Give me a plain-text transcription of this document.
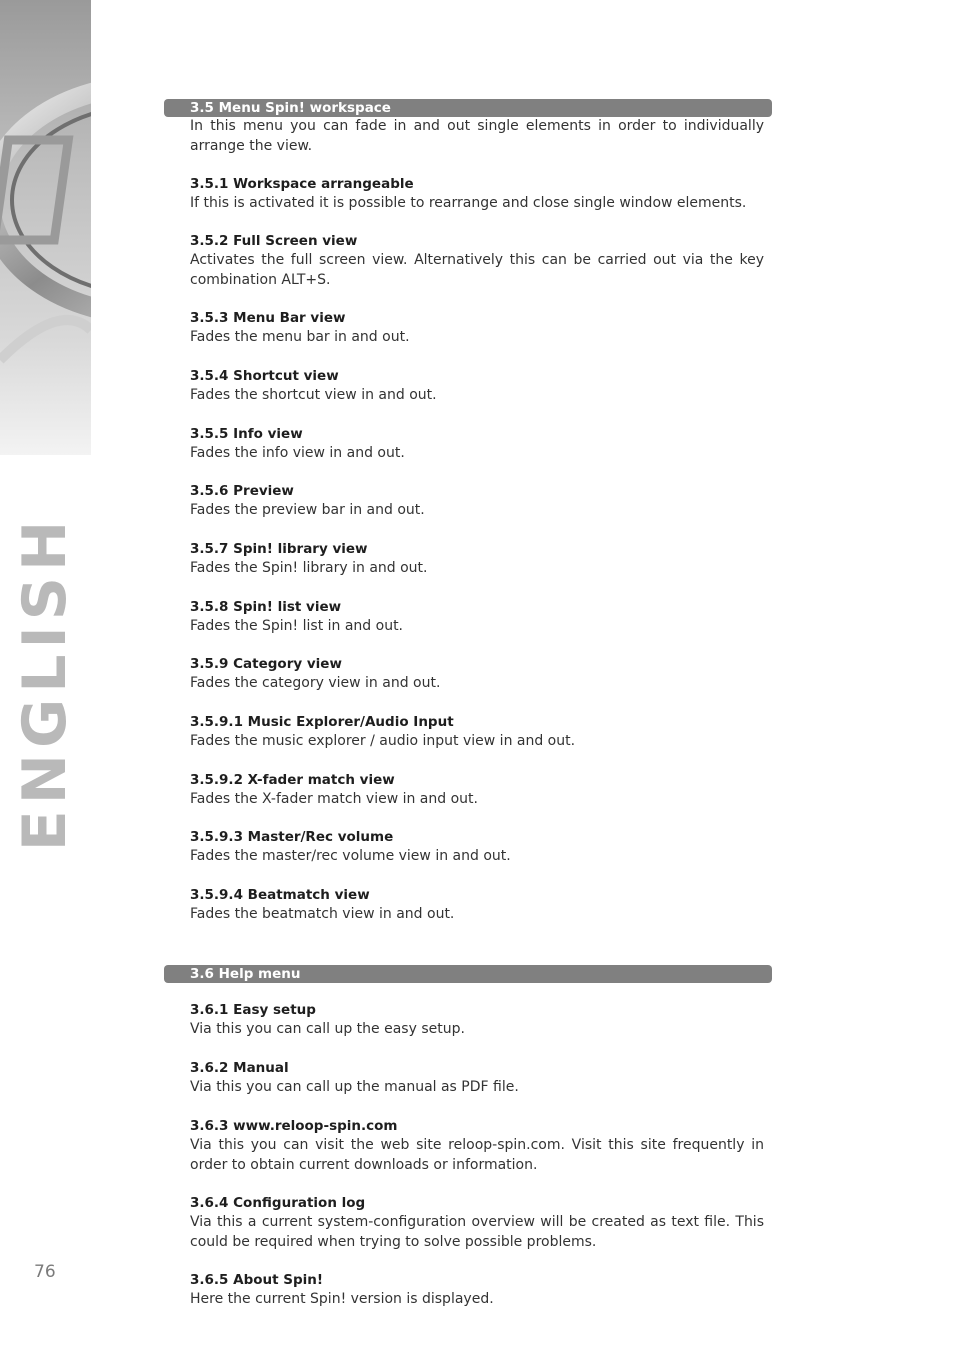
ENGLISH
76
3.5 Menu Spin! workspace
In this menu you can fade in and out single elements in order to individually arrange the view.
3.5.1 Workspace arrangeable
If this is activated it is possible to rearrange and close single window elements.
3.5.2 Full Screen view
Activates the full screen view. Alternatively this can be carried out via the key combination ALT+S.
3.5.3 Menu Bar view
Fades the menu bar in and out.
3.5.4 Shortcut view
Fades the shortcut view in and out.
3.5.5 Info view
Fades the info view in and out.
3.5.6 Preview
Fades the preview bar in and out.
3.5.7 Spin! library view
Fades the Spin! library in and out.
3.5.8 Spin! list view
Fades the Spin! list in and out.
3.5.9 Category view
Fades the category view in and out.
3.5.9.1 Music Explorer/Audio Input
Fades the music explorer / audio input view in and out.
3.5.9.2 X-fader match view
Fades the X-fader match view in and out.
3.5.9.3 Master/Rec volume
Fades the master/rec volume view in and out.
3.5.9.4 Beatmatch view
Fades the beatmatch view in and out.
3.6 Help menu
3.6.1 Easy setup
Via this you can call up the easy setup.
3.6.2 Manual
Via this you can call up the manual as PDF file.
3.6.3 www.reloop-spin.com
Via this you can visit the web site reloop-spin.com. Visit this site frequently in order to obtain current downloads or information.
3.6.4 Configuration log
Via this a current system-configuration overview will be created as text file. This could be required when trying to solve possible problems.
3.6.5 About Spin!
Here the current Spin! version is displayed.
